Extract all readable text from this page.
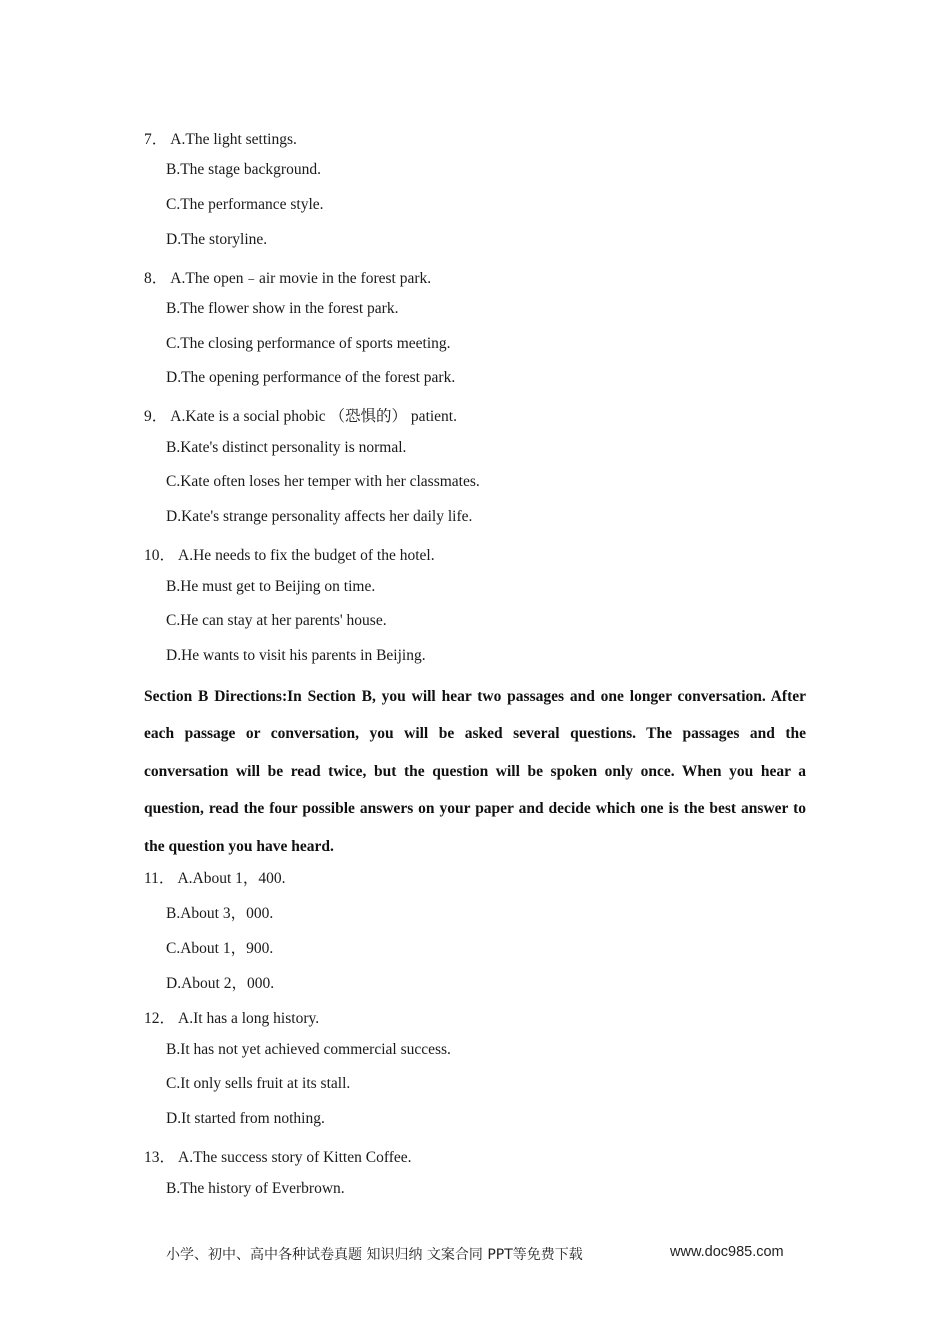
7． A.The light settings.

B.The stage background.

C.The performance style.

D.The storyline.

8． A.The open﹣air movie in the forest park.

B.The flower show in the forest park.

C.The closing performance of sports meeting.

D.The opening performance of the forest park.

9． A.Kate is a social phobic （恐惧的） patient.

B.Kate's distinct personality is normal.

C.Kate often loses her temper with her classmates.

D.Kate's strange personality affects her daily life.

10． A.He needs to fix the budget of the hotel.

B.He must get to Beijing on time.

C.He can stay at her parents' house.

D.He wants to visit his parents in Beijing.

Section B Directions:In Section B, you will hear two passages and one longer conversation. After each passage or conversation, you will be asked several questions. The passages and the conversation will be read twice, but the question will be spoken only once. When you hear a question, read the four possible answers on your paper and decide which one is the best answer to the question you have heard.

11． A.About 1，400.

B.About 3，000.

C.About 1，900.

D.About 2，000.

12． A.It has a long history.

B.It has not yet achieved commercial success.

C.It only sells fruit at its stall.

D.It started from nothing.

13． A.The success story of Kitten Coffee.

B.The history of Everbrown.

小学、初中、高中各种试卷真题 知识归纳 文案合同 PPT等免费下载	www.doc985.com
